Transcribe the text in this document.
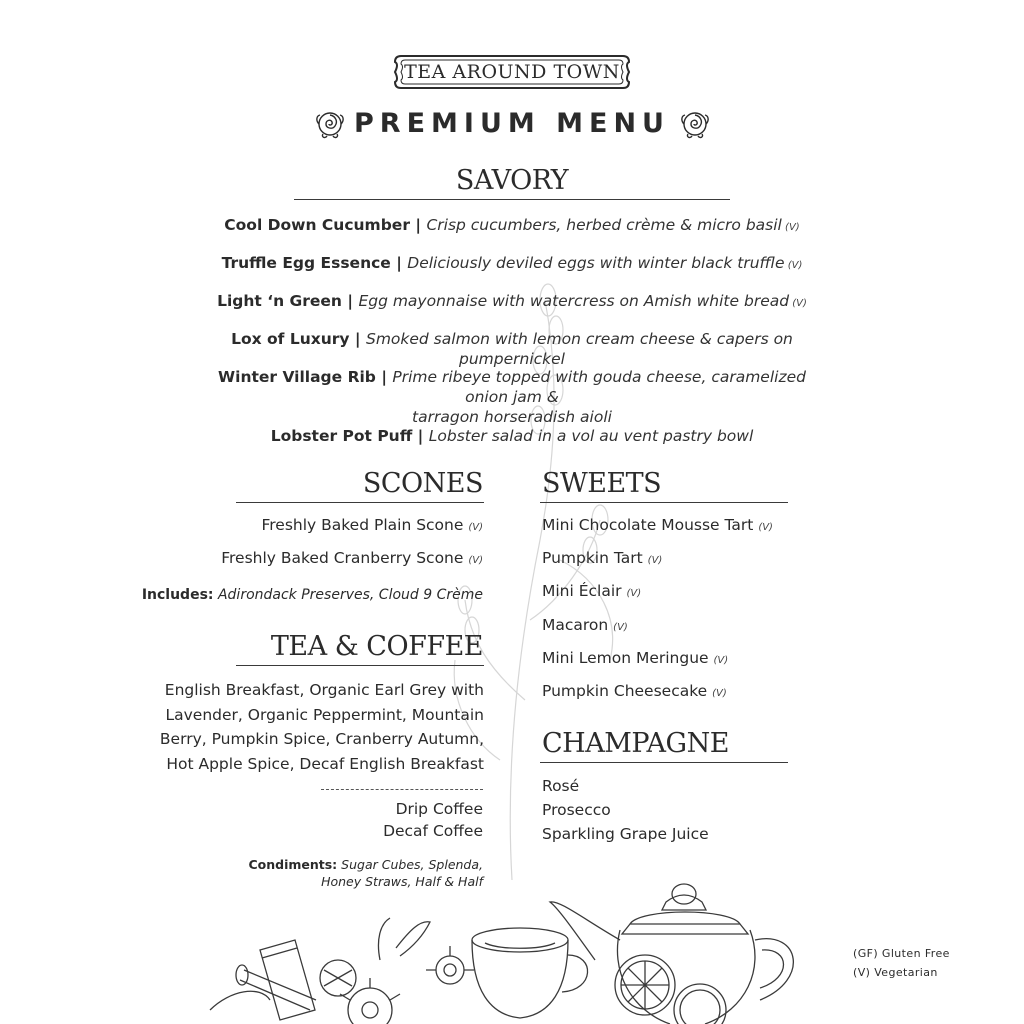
TEA AROUND TOWN
PREMIUM MENU
SAVORY
Cool Down Cucumber | Crisp cucumbers, herbed crème & micro basil (V)
Truffle Egg Essence | Deliciously deviled eggs with winter black truffle (V)
Light ‘n Green | Egg mayonnaise with watercress on Amish white bread (V)
Lox of Luxury | Smoked salmon with lemon cream cheese & capers on pumpernickel
Winter Village Rib | Prime ribeye topped with gouda cheese, caramelized onion jam &
tarragon horseradish aioli
Lobster Pot Puff | Lobster salad in a vol au vent pastry bowl
SCONES
Freshly Baked Plain Scone (V)
Freshly Baked Cranberry Scone (V)
Includes: Adirondack Preserves, Cloud 9 Crème
TEA & COFFEE
English Breakfast, Organic Earl Grey with
Lavender, Organic Peppermint, Mountain
Berry, Pumpkin Spice, Cranberry Autumn,
Hot Apple Spice, Decaf English Breakfast
Drip Coffee
Decaf Coffee
Condiments: Sugar Cubes, Splenda,
Honey Straws, Half & Half
SWEETS
Mini Chocolate Mousse Tart (V)
Pumpkin Tart (V)
Mini Éclair (V)
Macaron (V)
Mini Lemon Meringue (V)
Pumpkin Cheesecake (V)
CHAMPAGNE
Rosé
Prosecco
Sparkling Grape Juice
(GF) Gluten Free
(V) Vegetarian
